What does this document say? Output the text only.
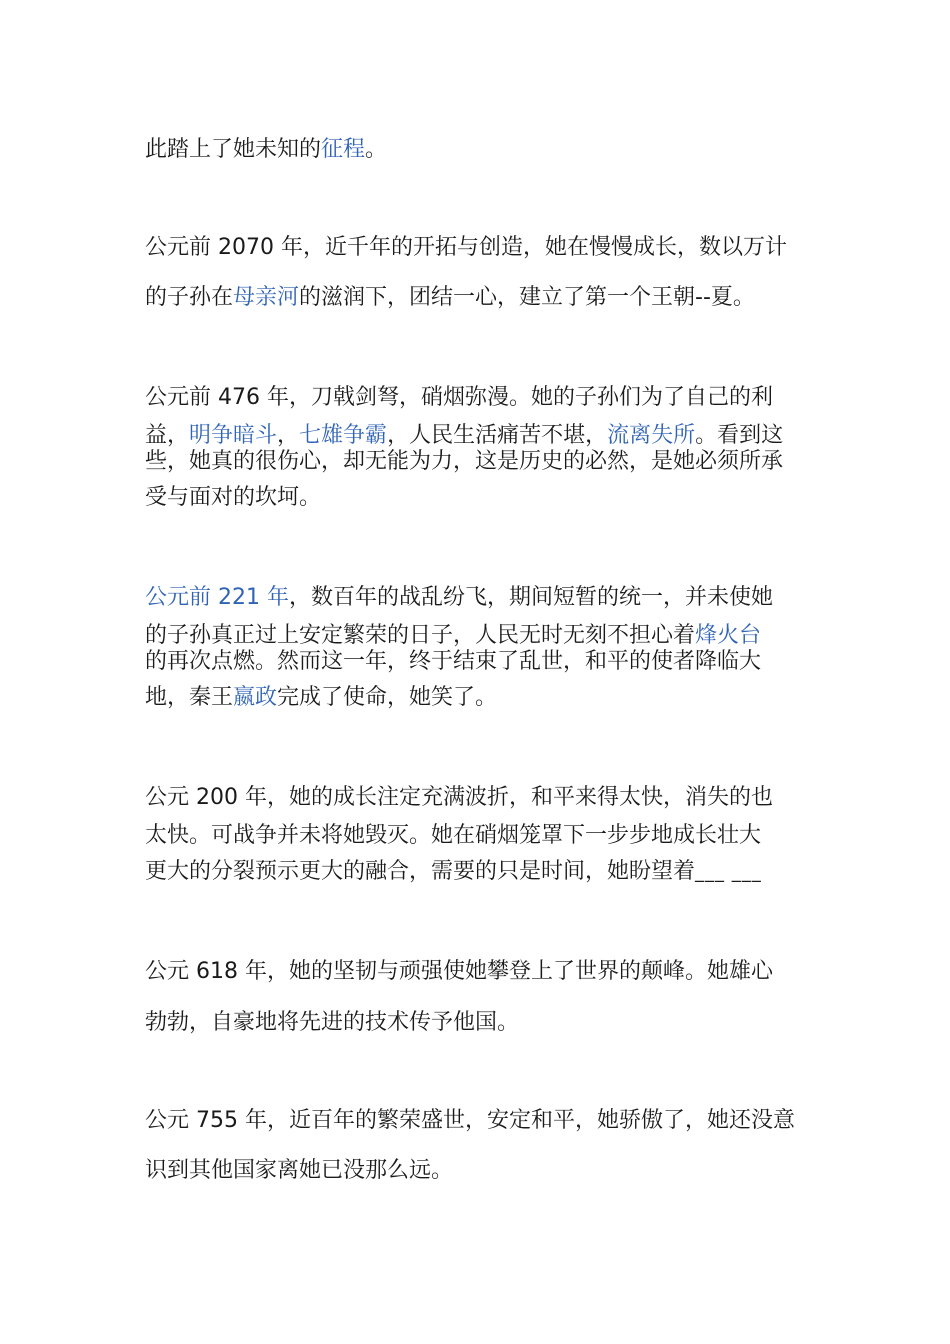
此踏上了她未知的征程。
公元前 2070 年，近千年的开拓与创造，她在慢慢成长，数以万计
的子孙在母亲河的滋润下，团结一心，建立了第一个王朝--夏。
公元前 476 年，刀戟剑弩，硝烟弥漫。她的子孙们为了自己的利
益，明争暗斗，七雄争霸，人民生活痛苦不堪，流离失所。看到这
些，她真的很伤心，却无能为力，这是历史的必然，是她必须所承
受与面对的坎坷。
公元前 221 年，数百年的战乱纷飞，期间短暂的统一，并未使她
的子孙真正过上安定繁荣的日子，人民无时无刻不担心着烽火台
的再次点燃。然而这一年，终于结束了乱世，和平的使者降临大
地，秦王嬴政完成了使命，她笑了。
公元 200 年，她的成长注定充满波折，和平来得太快，消失的也
太快。可战争并未将她毁灭。她在硝烟笼罩下一步步地成长壮大
更大的分裂预示更大的融合，需要的只是时间，她盼望着___ ___
公元 618 年，她的坚韧与顽强使她攀登上了世界的颠峰。她雄心
勃勃，自豪地将先进的技术传予他国。
公元 755 年，近百年的繁荣盛世，安定和平，她骄傲了，她还没意
识到其他国家离她已没那么远。
